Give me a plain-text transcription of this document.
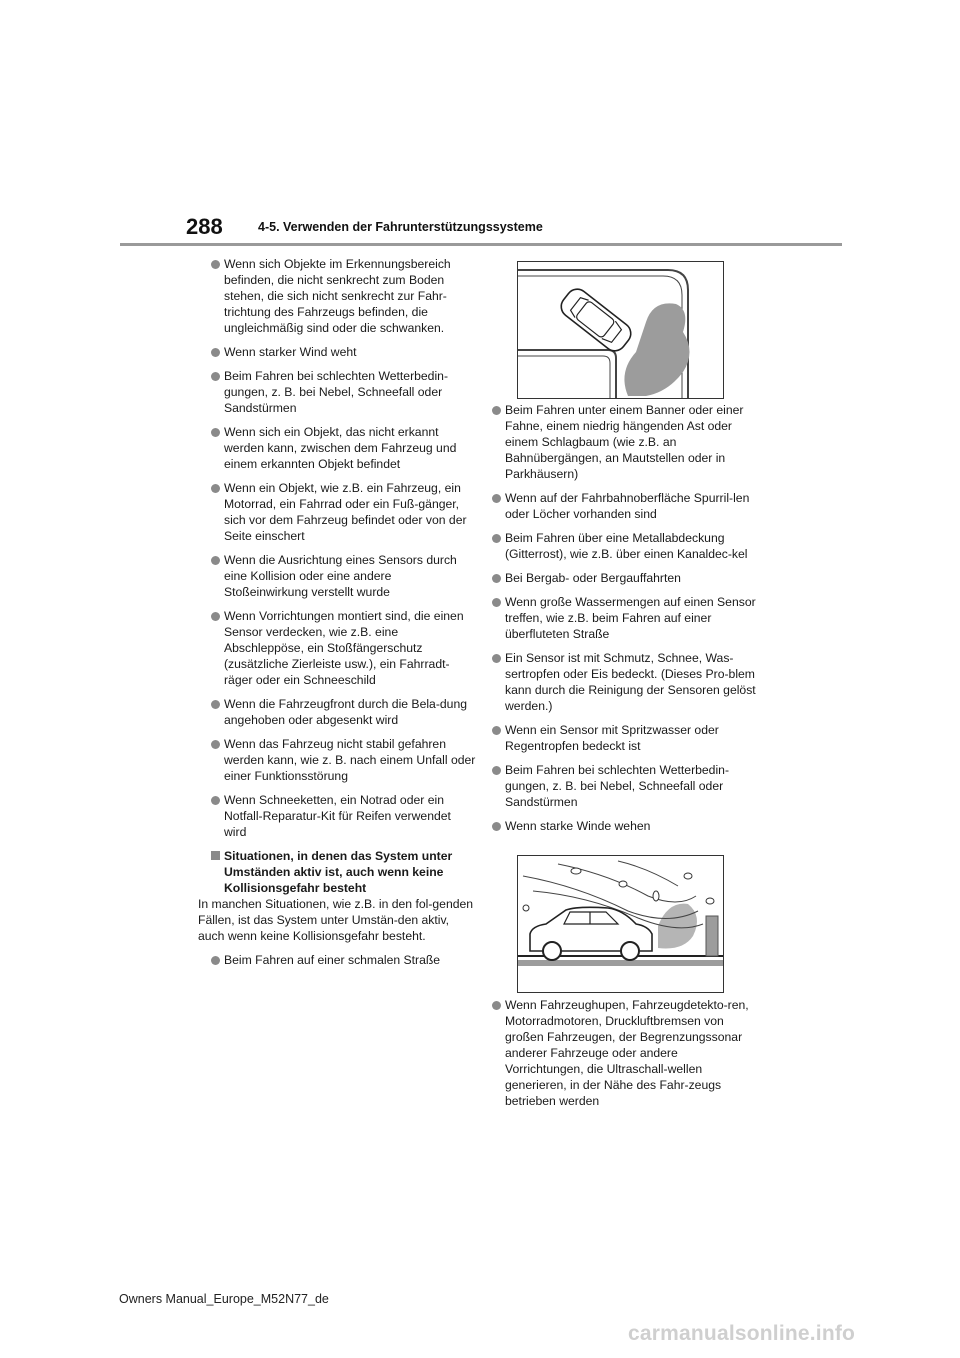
288	4-5. Verwenden der Fahrunterstützungssysteme
Wenn sich Objekte im Erkennungsbereich befinden, die nicht senkrecht zum Boden stehen, die sich nicht senkrecht zur Fahr-trichtung des Fahrzeugs befinden, die ungleichmäßig sind oder die schwanken.
Wenn starker Wind weht
Beim Fahren bei schlechten Wetterbedin-gungen, z. B. bei Nebel, Schneefall oder Sandstürmen
Wenn sich ein Objekt, das nicht erkannt werden kann, zwischen dem Fahrzeug und einem erkannten Objekt befindet
Wenn ein Objekt, wie z.B. ein Fahrzeug, ein Motorrad, ein Fahrrad oder ein Fuß-gänger, sich vor dem Fahrzeug befindet oder von der Seite einschert
Wenn die Ausrichtung eines Sensors durch eine Kollision oder eine andere Stoßeinwirkung verstellt wurde
Wenn Vorrichtungen montiert sind, die einen Sensor verdecken, wie z.B. eine Abschleppöse, ein Stoßfängerschutz (zusätzliche Zierleiste usw.), ein Fahrradt-räger oder ein Schneeschild
Wenn die Fahrzeugfront durch die Bela-dung angehoben oder abgesenkt wird
Wenn das Fahrzeug nicht stabil gefahren werden kann, wie z. B. nach einem Unfall oder einer Funktionsstörung
Wenn Schneeketten, ein Notrad oder ein Notfall-Reparatur-Kit für Reifen verwendet wird
Situationen, in denen das System unter Umständen aktiv ist, auch wenn keine Kollisionsgefahr besteht
In manchen Situationen, wie z.B. in den fol-genden Fällen, ist das System unter Umstän-den aktiv, auch wenn keine Kollisionsgefahr besteht.
Beim Fahren auf einer schmalen Straße
Beim Fahren unter einem Banner oder einer Fahne, einem niedrig hängenden Ast oder einem Schlagbaum (wie z.B. an Bahnübergängen, an Mautstellen oder in Parkhäusern)
Wenn auf der Fahrbahnoberfläche Spurril-len oder Löcher vorhanden sind
Beim Fahren über eine Metallabdeckung (Gitterrost), wie z.B. über einen Kanaldec-kel
Bei Bergab- oder Bergauffahrten
Wenn große Wassermengen auf einen Sensor treffen, wie z.B. beim Fahren auf einer überfluteten Straße
Ein Sensor ist mit Schmutz, Schnee, Was-sertropfen oder Eis bedeckt. (Dieses Pro-blem kann durch die Reinigung der Sensoren gelöst werden.)
Wenn ein Sensor mit Spritzwasser oder Regentropfen bedeckt ist
Beim Fahren bei schlechten Wetterbedin-gungen, z. B. bei Nebel, Schneefall oder Sandstürmen
Wenn starke Winde wehen
Wenn Fahrzeughupen, Fahrzeugdetekto-ren, Motorradmotoren, Druckluftbremsen von großen Fahrzeugen, der Begrenzungssonar anderer Fahrzeuge oder andere Vorrichtungen, die Ultraschall-wellen generieren, in der Nähe des Fahr-zeugs betrieben werden
Owners Manual_Europe_M52N77_de
carmanualsonline.info
